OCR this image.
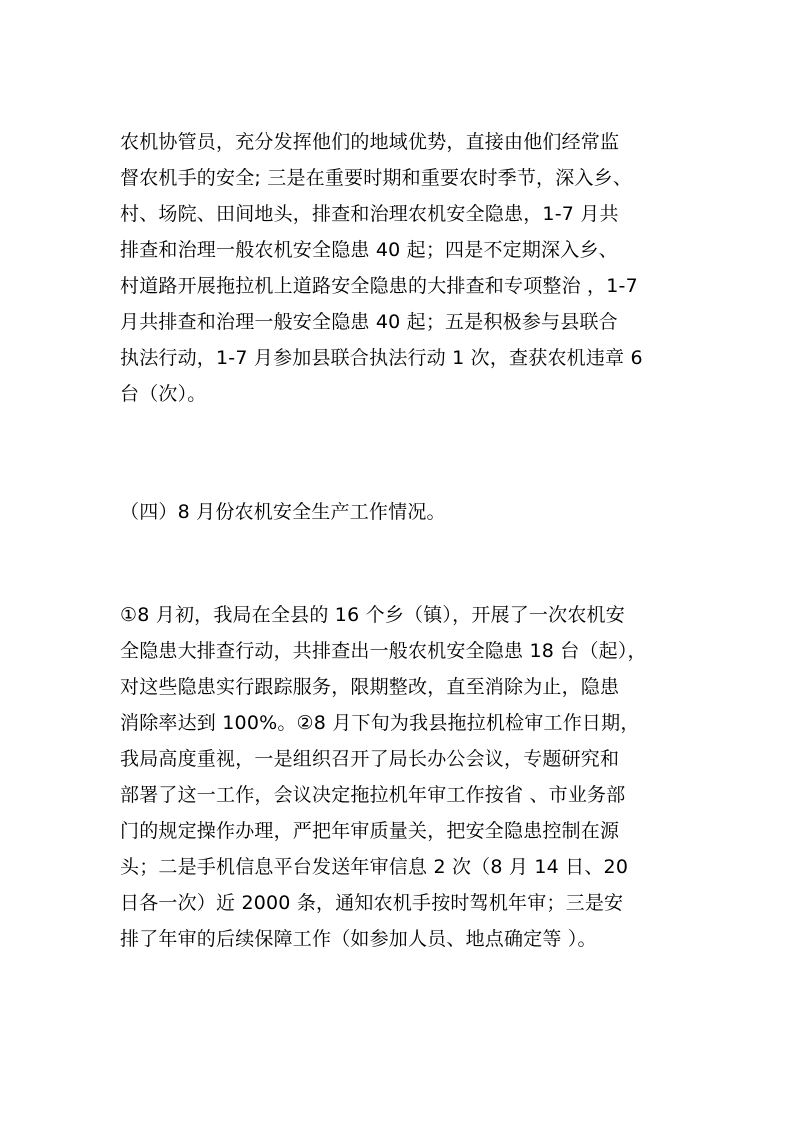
农机协管员，充分发挥他们的地域优势，直接由他们经常监

督农机手的安全; 三是在重要时期和重要农时季节，深入乡、

村、场院、田间地头，排查和治理农机安全隐患，1-7 月共

排查和治理一般农机安全隐患 40 起；四是不定期深入乡、

村道路开展拖拉机上道路安全隐患的大排查和专项整治 ，1-7

月共排查和治理一般安全隐患 40 起；五是积极参与县联合

执法行动，1-7 月参加县联合执法行动 1 次，查获农机违章 6

台（次）。

（四）8 月份农机安全生产工作情况。

①8 月初，我局在全县的 16 个乡（镇），开展了一次农机安

全隐患大排查行动，共排查出一般农机安全隐患 18 台（起），

对这些隐患实行跟踪服务，限期整改，直至消除为止，隐患

消除率达到 100%。②8 月下旬为我县拖拉机检审工作日期，

我局高度重视，一是组织召开了局长办公会议，专题研究和

部署了这一工作，会议决定拖拉机年审工作按省 、市业务部

门的规定操作办理，严把年审质量关，把安全隐患控制在源

头；二是手机信息平台发送年审信息 2 次（8 月 14 日、20

日各一次）近 2000 条，通知农机手按时驾机年审；三是安

排了年审的后续保障工作（如参加人员、地点确定等 ）。
